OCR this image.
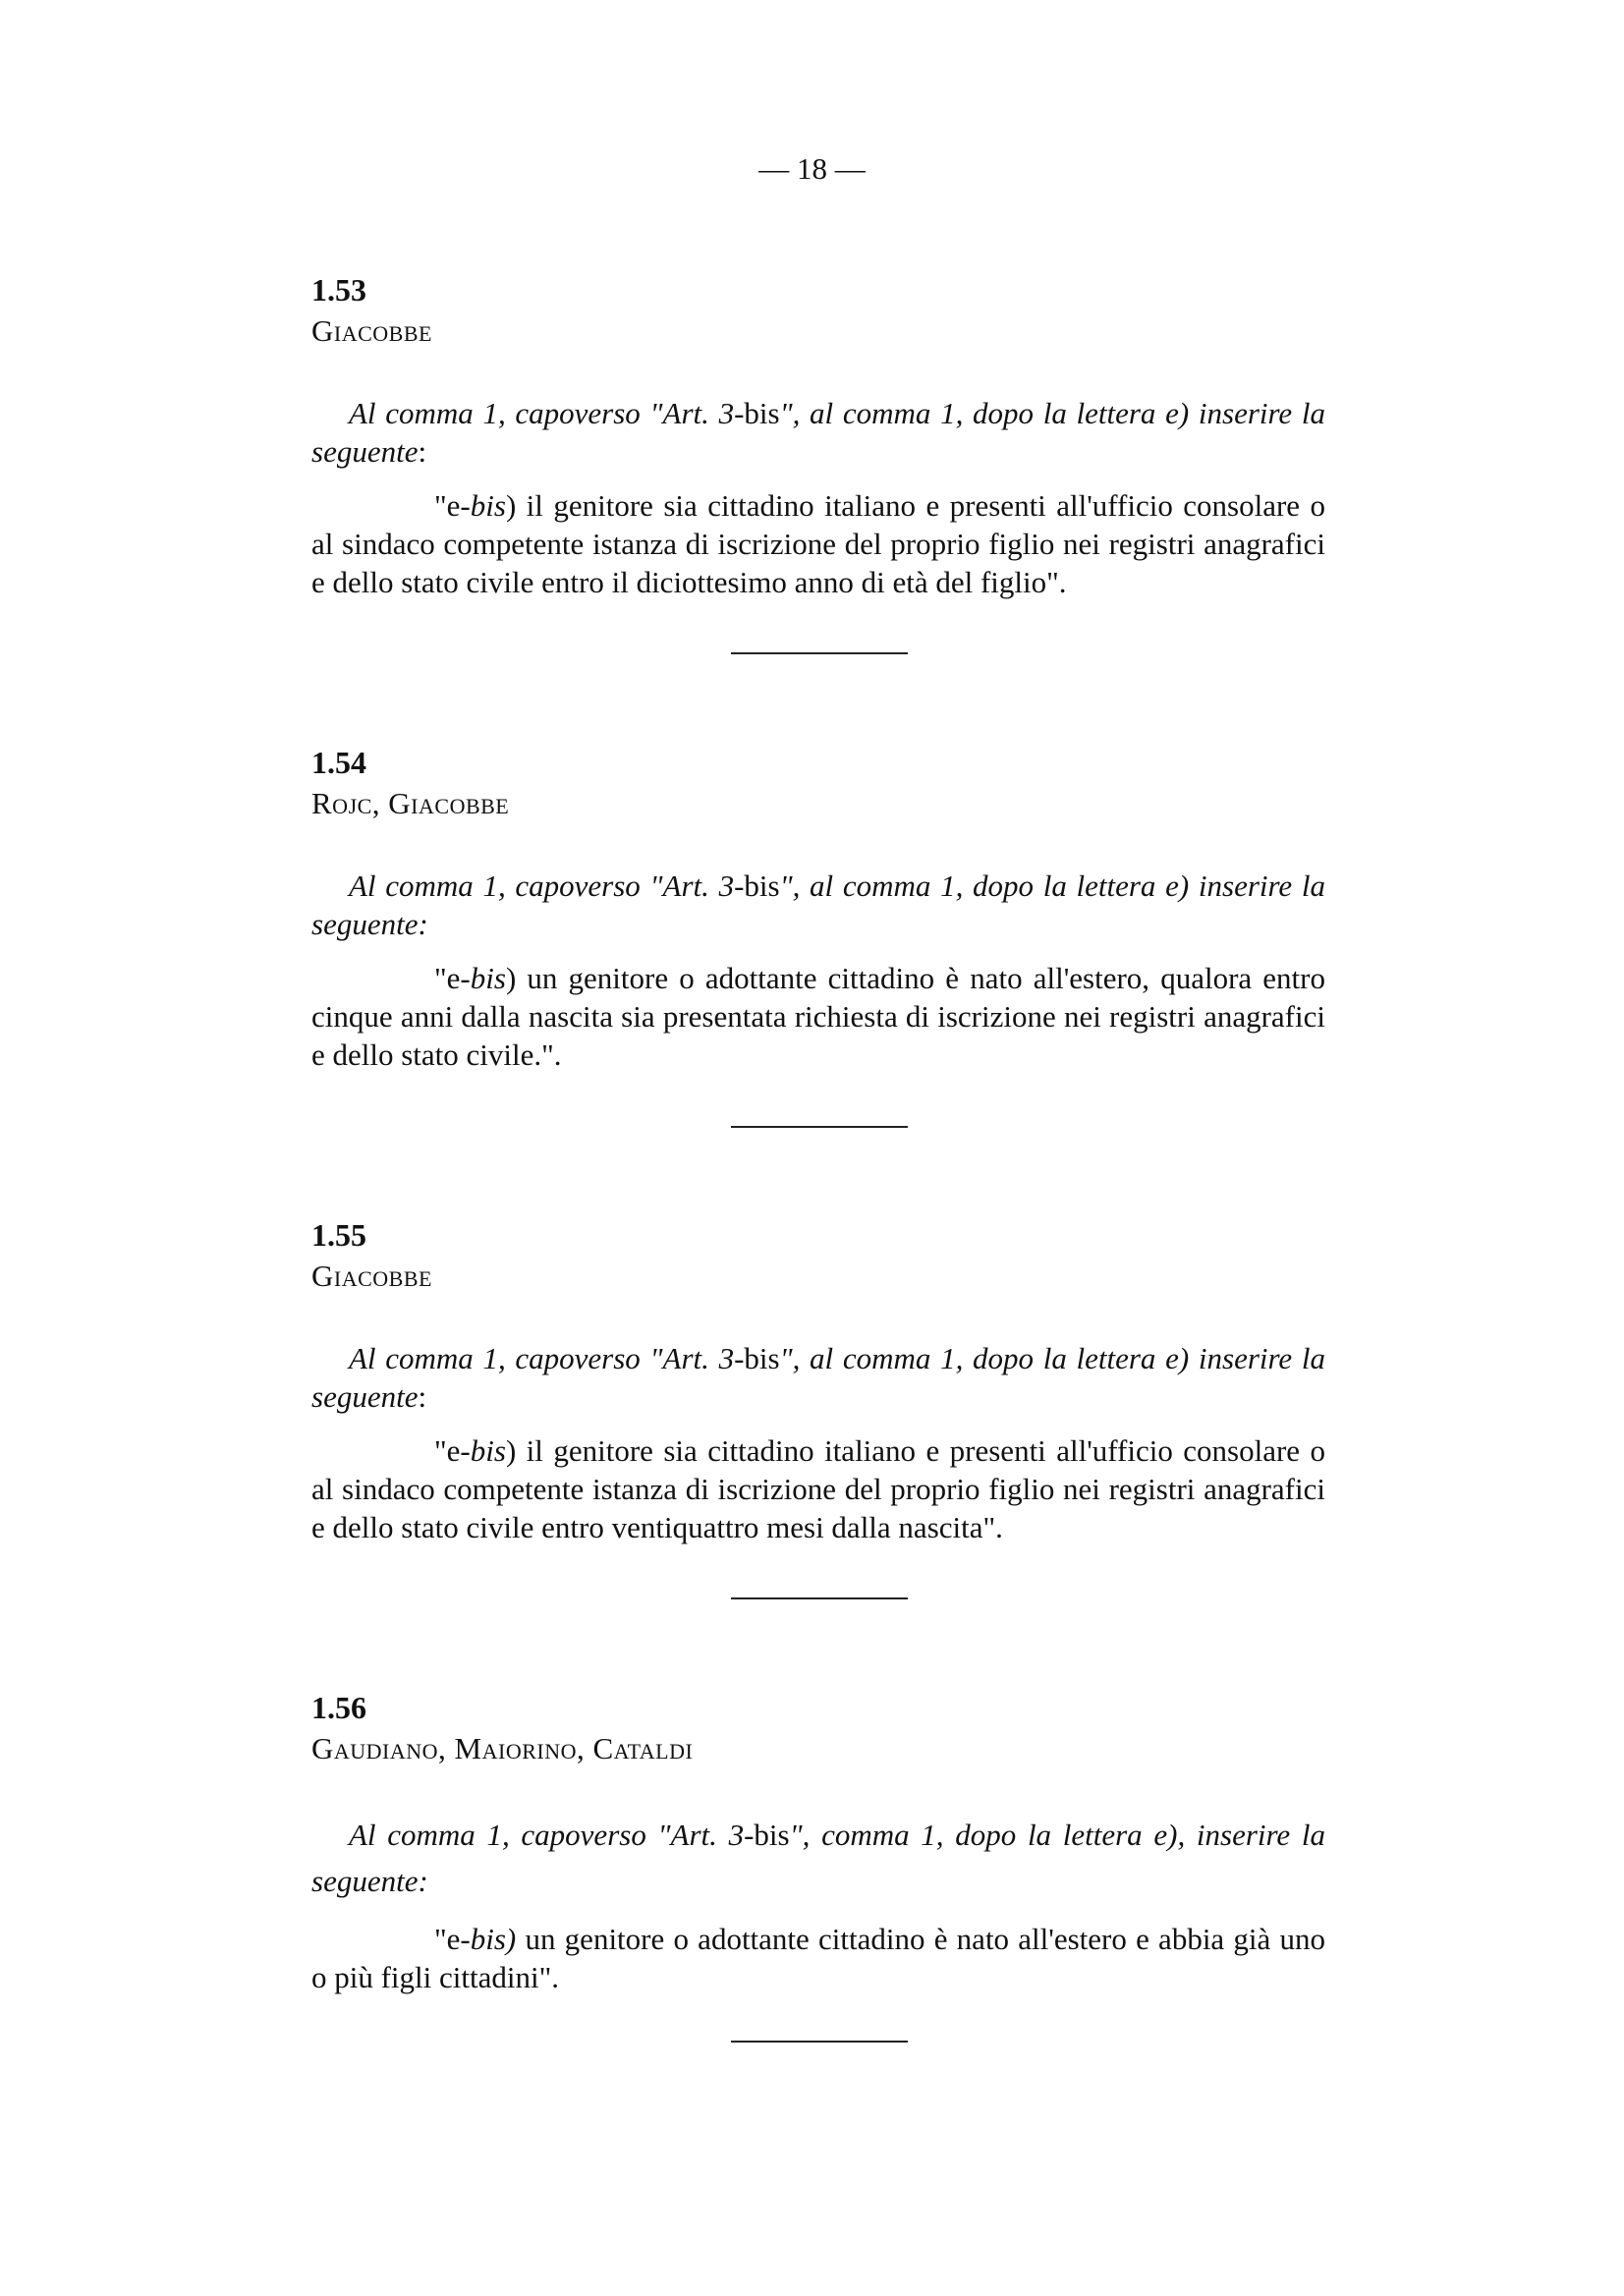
— 18 —
1.53
Giacobbe
Al comma 1, capoverso "Art. 3-bis", al comma 1, dopo la lettera e) inserire la seguente:
"e-bis) il genitore sia cittadino italiano e presenti all'ufficio consolare o al sindaco competente istanza di iscrizione del proprio figlio nei registri anagrafici e dello stato civile entro il diciottesimo anno di età del figlio".
1.54
Rojc, Giacobbe
Al comma 1, capoverso "Art. 3-bis", al comma 1, dopo la lettera e) inserire la seguente:
"e-bis) un genitore o adottante cittadino è nato all'estero, qualora entro cinque anni dalla nascita sia presentata richiesta di iscrizione nei registri anagrafici e dello stato civile.".
1.55
Giacobbe
Al comma 1, capoverso "Art. 3-bis", al comma 1, dopo la lettera e) inserire la seguente:
"e-bis) il genitore sia cittadino italiano e presenti all'ufficio consolare o al sindaco competente istanza di iscrizione del proprio figlio nei registri anagrafici e dello stato civile entro ventiquattro mesi dalla nascita".
1.56
Gaudiano, Maiorino, Cataldi
Al comma 1, capoverso "Art. 3-bis", comma 1, dopo la lettera e), inserire la seguente:
"e-bis) un genitore o adottante cittadino è nato all'estero e abbia già uno o più figli cittadini".
